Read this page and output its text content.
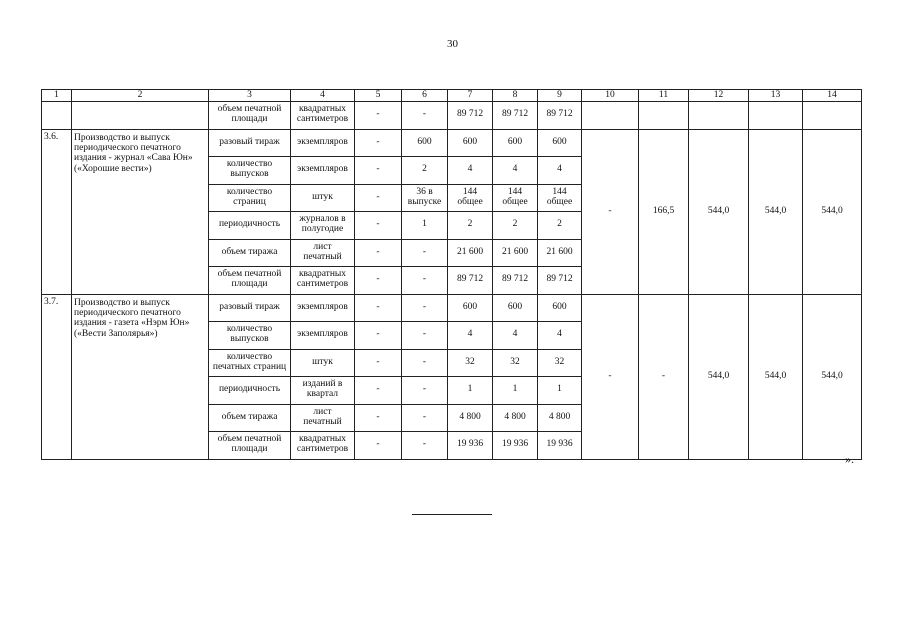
30
1	2	3	4	5	6	7	8	9	10	11	12	13	14
		объем печатной площади	квадратных сантиметров	-	-	89 712	89 712	89 712					
3.6.	Производство и выпуск периодического печатного издания - журнал «Сава Юн» («Хорошие вести»)	разовый тираж	экземпляров	-	600	600	600	600	-	166,5	544,0	544,0	544,0
		количество выпусков	экземпляров	-	2	4	4	4					
		количество страниц	штук	-	36 в выпуске	144 общее	144 общее	144 общее					
		периодичность	журналов в полугодие	-	1	2	2	2					
		объем тиража	лист печатный	-	-	21 600	21 600	21 600					
		объем печатной площади	квадратных сантиметров	-	-	89 712	89 712	89 712					
3.7.	Производство и выпуск периодического печатного издания - газета «Нэрм Юн» («Вести Заполярья»)	разовый тираж	экземпляров	-	-	600	600	600	-	-	544,0	544,0	544,0
		количество выпусков	экземпляров	-	-	4	4	4					
		количество печатных страниц	штук	-	-	32	32	32					
		периодичность	изданий в квартал	-	-	1	1	1					
		объем тиража	лист печатный	-	-	4 800	4 800	4 800					
		объем печатной площади	квадратных сантиметров	-	-	19 936	19 936	19 936					
».
